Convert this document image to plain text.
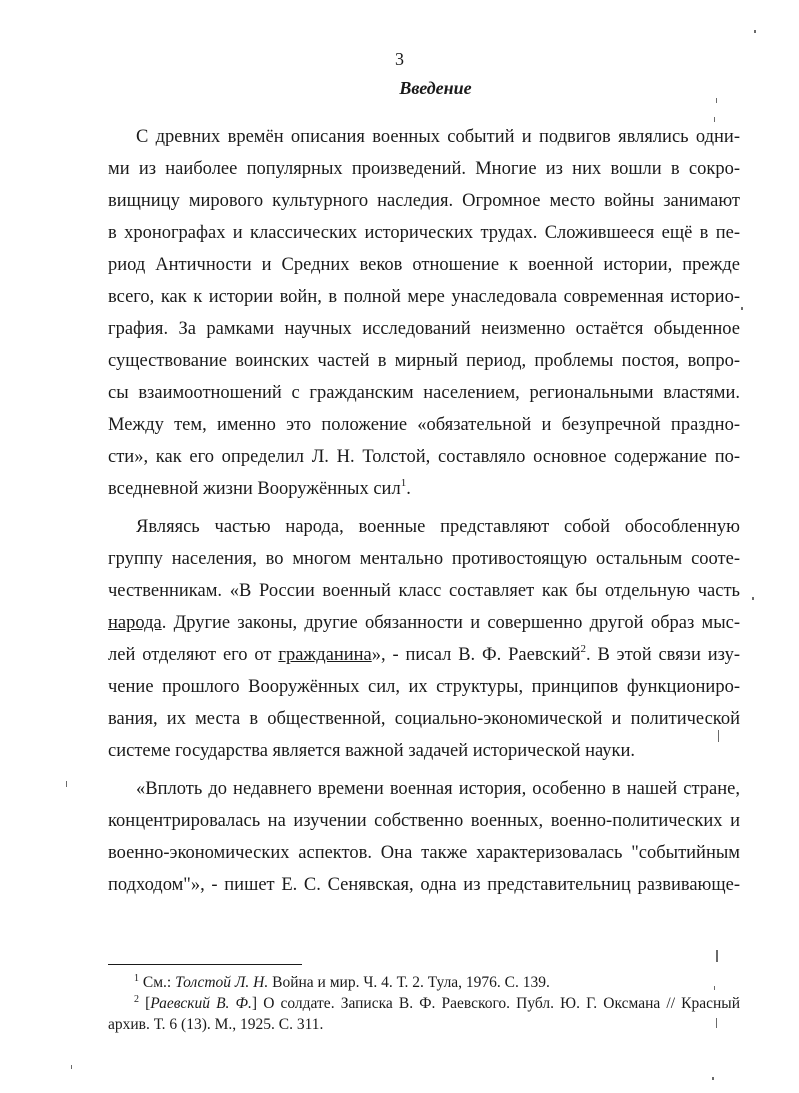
3
Введение
С древних времён описания военных событий и подвигов являлись одни-
ми из наиболее популярных произведений. Многие из них вошли в сокро-
вищницу мирового культурного наследия. Огромное место войны занимают
в хронографах и классических исторических трудах. Сложившееся ещё в пе-
риод Античности и Средних веков отношение к военной истории, прежде
всего, как к истории войн, в полной мере унаследовала современная историо-
графия. За рамками научных исследований неизменно остаётся обыденное
существование воинских частей в мирный период, проблемы постоя, вопро-
сы взаимоотношений с гражданским населением, региональными властями.
Между тем, именно это положение «обязательной и безупречной праздно-
сти», как его определил Л. Н. Толстой, составляло основное содержание по-
вседневной жизни Вооружённых сил$^1$.
Являясь частью народа, военные представляют собой обособленную
группу населения, во многом ментально противостоящую остальным соотe-
чественникам. «В России военный класс составляет как бы отдельную часть
народа. Другие законы, другие обязанности и совершенно другой образ мыс-
лей отделяют его от гражданина», - писал В. Ф. Раевский$^2$. В этой связи изу-
чение прошлого Вооружённых сил, их структуры, принципов функциониро-
вания, их места в общественной, социально-экономической и политической
системе государства является важной задачей исторической науки.
«Вплоть до недавнего времени военная история, особенно в нашей стране,
концентрировалась на изучении собственно военных, военно-политических и
военно-экономических аспектов. Она также характеризовалась "событийным
подходом"», - пишет Е. С. Сенявская, одна из представительниц развивающе-
$^1$ См.: Толстой Л. Н. Война и мир. Ч. 4. Т. 2. Тула, 1976. С. 139.
$^2$ [Раевский В. Ф.] О солдате. Записка В. Ф. Раевского. Публ. Ю. Г. Оксмана // Красный
архив. Т. 6 (13). М., 1925. С. 311.
